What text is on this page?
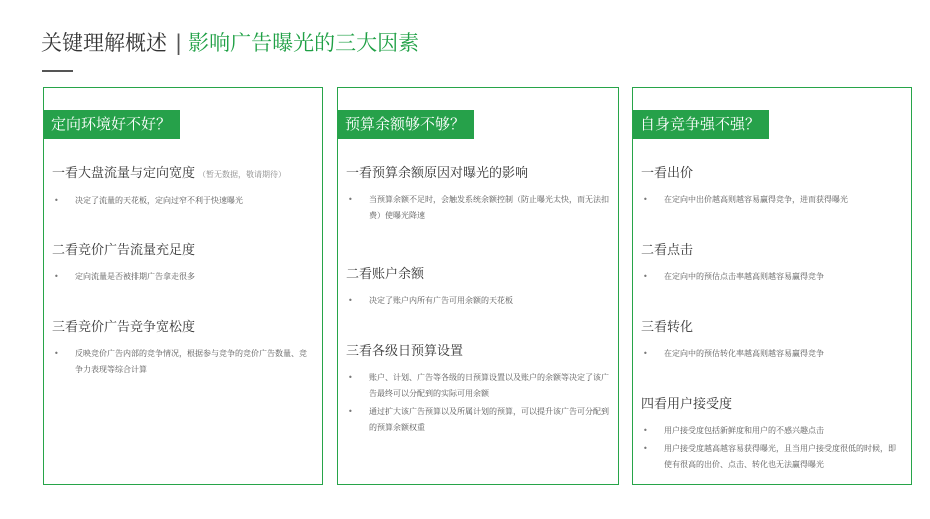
关键理解概述 | 影响广告曝光的三大因素
定向环境好不好？
一看大盘流量与定向宽度 （暂无数据，敬请期待）
• 决定了流量的天花板，定向过窄不利于快速曝光
二看竞价广告流量充足度
• 定向流量是否被排期广告拿走很多
三看竞价广告竞争宽松度
• 反映竞价广告内部的竞争情况，根据参与竞争的竞价广告数量、竞争力表现等综合计算
预算余额够不够？
一看预算余额原因对曝光的影响
• 当预算余额不足时，会触发系统余额控制（防止曝光太快，而无法扣费）使曝光降速
二看账户余额
• 决定了账户内所有广告可用余额的天花板
三看各级日预算设置
• 账户、计划、广告等各级的日预算设置以及账户的余额等决定了该广告最终可以分配到的实际可用余额
• 通过扩大该广告预算以及所属计划的预算，可以提升该广告可分配到的预算余额权重
自身竞争强不强？
一看出价
• 在定向中出价越高则越容易赢得竞争，进而获得曝光
二看点击
• 在定向中的预估点击率越高则越容易赢得竞争
三看转化
• 在定向中的预估转化率越高则越容易赢得竞争
四看用户接受度
• 用户接受度包括新鲜度和用户的不感兴趣点击
• 用户接受度越高越容易获得曝光，且当用户接受度很低的时候，即使有很高的出价、点击、转化也无法赢得曝光
